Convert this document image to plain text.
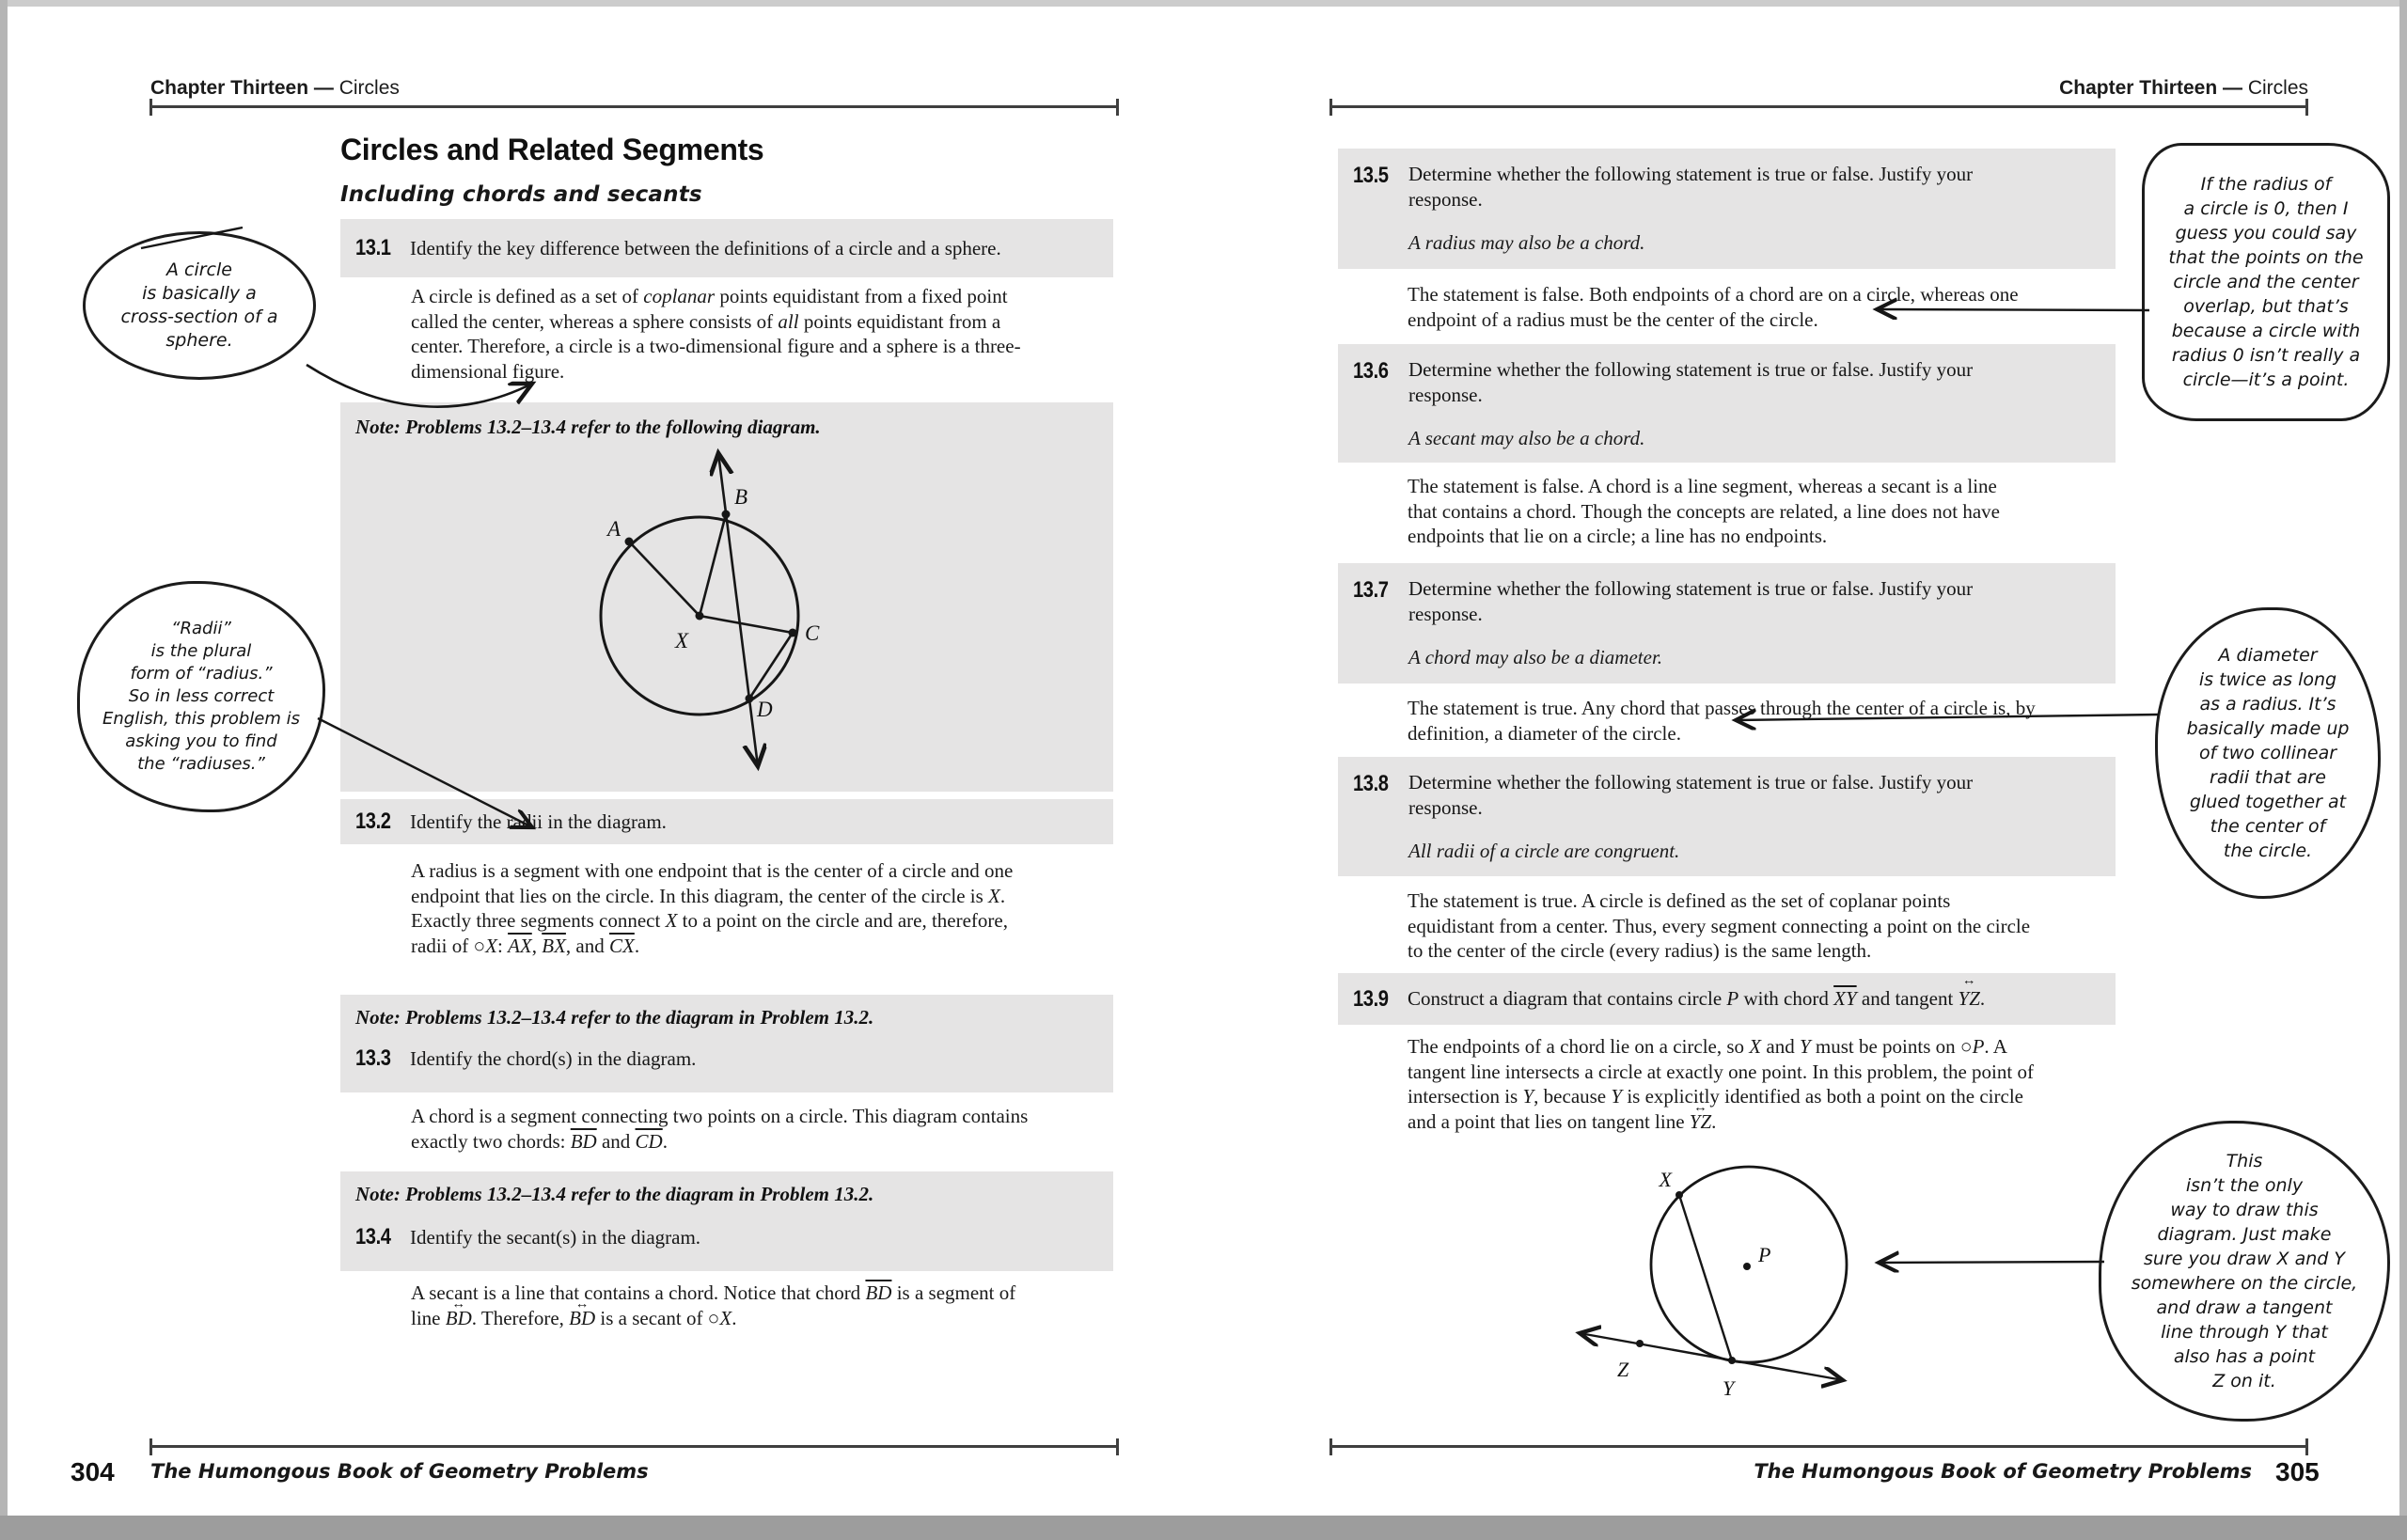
Chapter Thirteen — Circles
Circles and Related Segments
Including chords and secants
13.1 Identify the key difference between the definitions of a circle and a sphere.
A circle is defined as a set of coplanar points equidistant from a fixed point
called the center, whereas a sphere consists of all points equidistant from a
center. Therefore, a circle is a two-dimensional figure and a sphere is a three-
dimensional figure.
Note: Problems 13.2–13.4 refer to the following diagram.
A
B
C
D
X
13.2 Identify the radii in the diagram.
A radius is a segment with one endpoint that is the center of a circle and one
endpoint that lies on the circle. In this diagram, the center of the circle is X.
Exactly three segments connect X to a point on the circle and are, therefore,
radii of ○X: $\overline{AX}$, $\overline{BX}$, and $\overline{CX}$.
Note: Problems 13.2–13.4 refer to the diagram in Problem 13.2.
13.3 Identify the chord(s) in the diagram.
A chord is a segment connecting two points on a circle. This diagram contains
exactly two chords: $\overline{BD}$ and $\overline{CD}$.
Note: Problems 13.2–13.4 refer to the diagram in Problem 13.2.
13.4 Identify the secant(s) in the diagram.
A secant is a line that contains a chord. Notice that chord $\overline{BD}$ is a segment of
line BD ↔. Therefore, BD ↔ is a secant of ○X.
A circle
is basically a
cross-section of a
sphere.
“Radii”
is the plural
form of “radius.”
So in less correct
English, this problem is
asking you to find
the “radiuses.”
304 The Humongous Book of Geometry Problems
Chapter Thirteen — Circles
13.5 Determine whether the following statement is true or false. Justify your
response.
A radius may also be a chord.
The statement is false. Both endpoints of a chord are on a circle, whereas one
endpoint of a radius must be the center of the circle.
13.6 Determine whether the following statement is true or false. Justify your
response.
A secant may also be a chord.
The statement is false. A chord is a line segment, whereas a secant is a line
that contains a chord. Though the concepts are related, a line does not have
endpoints that lie on a circle; a line has no endpoints.
13.7 Determine whether the following statement is true or false. Justify your
response.
A chord may also be a diameter.
The statement is true. Any chord that passes through the center of a circle is, by
definition, a diameter of the circle.
13.8 Determine whether the following statement is true or false. Justify your
response.
All radii of a circle are congruent.
The statement is true. A circle is defined as the set of coplanar points
equidistant from a center. Thus, every segment connecting a point on the circle
to the center of the circle (every radius) is the same length.
13.9 Construct a diagram that contains circle P with chord $\overline{XY}$ and tangent YZ ↔.
The endpoints of a chord lie on a circle, so X and Y must be points on ○P. A
tangent line intersects a circle at exactly one point. In this problem, the point of
intersection is Y, because Y is explicitly identified as both a point on the circle
and a point that lies on tangent line YZ ↔.
X
P
Z
Y
If the radius of
a circle is 0, then I
guess you could say
that the points on the
circle and the center
overlap, but that’s
because a circle with
radius 0 isn’t really a
circle—it’s a point.
A diameter
is twice as long
as a radius. It’s
basically made up
of two collinear
radii that are
glued together at
the center of
the circle.
This
isn’t the only
way to draw this
diagram. Just make
sure you draw X and Y
somewhere on the circle,
and draw a tangent
line through Y that
also has a point
Z on it.
The Humongous Book of Geometry Problems 305
